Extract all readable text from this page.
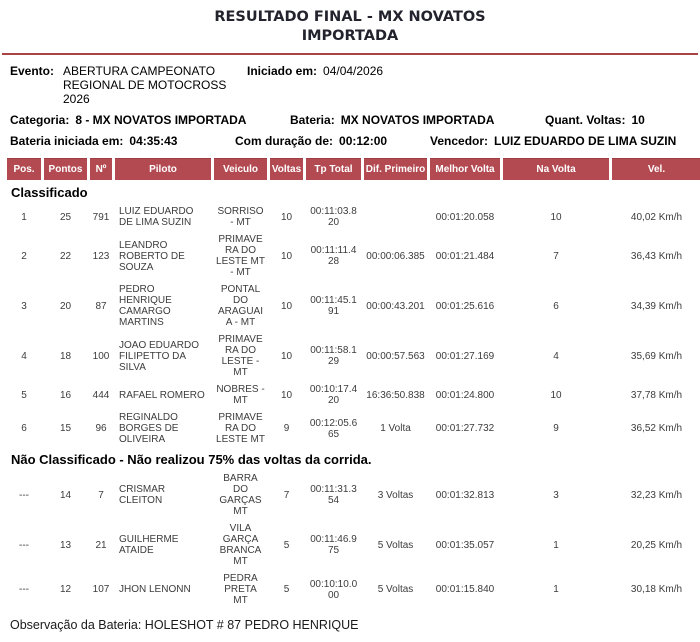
RESULTADO FINAL - MX NOVATOS IMPORTADA
Evento: ABERTURA CAMPEONATO REGIONAL DE MOTOCROSS 2026
Iniciado em: 04/04/2026
Categoria: 8 - MX NOVATOS IMPORTADA	Bateria: MX NOVATOS IMPORTADA	Quant. Voltas: 10
Bateria iniciada em: 04:35:43	Com duração de: 00:12:00	Vencedor: LUIZ EDUARDO DE LIMA SUZIN
Pos.	Pontos	Nº	Piloto	Veiculo	Voltas	Tp Total	Dif. Primeiro	Melhor Volta	Na Volta	Vel.
Classificado										
1	25	791	LUIZ EDUARDO DE LIMA SUZIN	SORRISO - MT	10	00:11:03.820		00:01:20.058	10	40,02 Km/h
2	22	123	LEANDRO ROBERTO DE SOUZA	PRIMAVERA DO LESTE MT - MT	10	00:11:11.428	00:00:06.385	00:01:21.484	7	36,43 Km/h
3	20	87	PEDRO HENRIQUE CAMARGO MARTINS	PONTAL DO ARAGUAIA - MT	10	00:11:45.191	00:00:43.201	00:01:25.616	6	34,39 Km/h
4	18	100	JOAO EDUARDO FILIPETTO DA SILVA	PRIMAVERA DO LESTE - MT	10	00:11:58.129	00:00:57.563	00:01:27.169	4	35,69 Km/h
5	16	444	RAFAEL ROMERO	NOBRES - MT	10	00:10:17.420	16:36:50.838	00:01:24.800	10	37,78 Km/h
6	15	96	REGINALDO BORGES DE OLIVEIRA	PRIMAVERA DO LESTE MT	9	00:12:05.665	1 Volta	00:01:27.732	9	36,52 Km/h
Não Classificado - Não realizou 75% das voltas da corrida.										
---	14	7	CRISMAR CLEITON	BARRA DO GARÇAS MT	7	00:11:31.354	3 Voltas	00:01:32.813	3	32,23 Km/h
---	13	21	GUILHERME ATAIDE	VILA GARÇA BRANCA MT	5	00:11:46.975	5 Voltas	00:01:35.057	1	20,25 Km/h
---	12	107	JHON LENONN	PEDRA PRETA MT	5	00:10:10.000	5 Voltas	00:01:15.840	1	30,18 Km/h
Observação da Bateria: HOLESHOT # 87 PEDRO HENRIQUE
